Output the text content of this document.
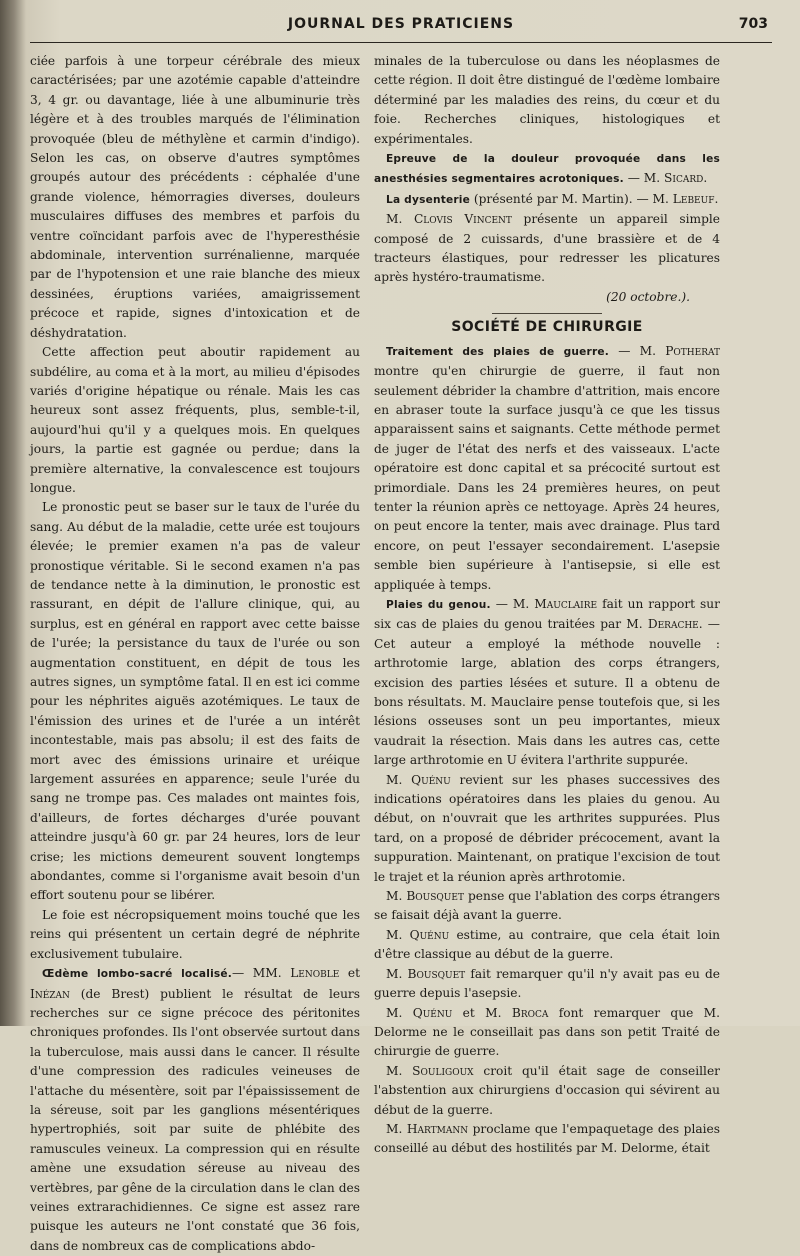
JOURNAL DES PRATICIENS	703

ciée parfois à une torpeur cérébrale des mieux caractérisées; par une azotémie capable d'atteindre 3, 4 gr. ou davantage, liée à une albuminurie très légère et à des troubles marqués de l'élimination provoquée (bleu de méthylène et carmin d'indigo). Selon les cas, on observe d'autres symptômes groupés autour des précédents : céphalée d'une grande violence, hémorragies diverses, douleurs musculaires diffuses des membres et parfois du ventre coïncidant parfois avec de l'hyperesthésie abdominale, intervention surrénalienne, marquée par de l'hypotension et une raie blanche des mieux dessinées, éruptions variées, amaigrissement précoce et rapide, signes d'intoxication et de déshydratation.

Cette affection peut aboutir rapidement au subdélire, au coma et à la mort, au milieu d'épisodes variés d'origine hépatique ou rénale. Mais les cas heureux sont assez fréquents, plus, semble-t-il, aujourd'hui qu'il y a quelques mois. En quelques jours, la partie est gagnée ou perdue; dans la première alternative, la convalescence est toujours longue.

Le pronostic peut se baser sur le taux de l'urée du sang. Au début de la maladie, cette urée est toujours élevée; le premier examen n'a pas de valeur pronostique véritable. Si le second examen n'a pas de tendance nette à la diminution, le pronostic est rassurant, en dépit de l'allure clinique, qui, au surplus, est en général en rapport avec cette baisse de l'urée; la persistance du taux de l'urée ou son augmentation constituent, en dépit de tous les autres signes, un symptôme fatal. Il en est ici comme pour les néphrites aiguës azotémiques. Le taux de l'émission des urines et de l'urée a un intérêt incontestable, mais pas absolu; il est des faits de mort avec des émissions urinaire et uréique largement assurées en apparence; seule l'urée du sang ne trompe pas. Ces malades ont maintes fois, d'ailleurs, de fortes décharges d'urée pouvant atteindre jusqu'à 60 gr. par 24 heures, lors de leur crise; les mictions demeurent souvent longtemps abondantes, comme si l'organisme avait besoin d'un effort soutenu pour se libérer.

Le foie est nécropsiquement moins touché que les reins qui présentent un certain degré de néphrite exclusivement tubulaire.

Œdème lombo-sacré localisé.— MM. Lenoble et Inézan (de Brest) publient le résultat de leurs recherches sur ce signe précoce des péritonites chroniques profondes. Ils l'ont observée surtout dans la tuberculose, mais aussi dans le cancer. Il résulte d'une compression des radicules veineuses de l'attache du mésentère, soit par l'épaississement de la séreuse, soit par les ganglions mésentériques hypertrophiés, soit par suite de phlébite des ramuscules veineux. La compression qui en résulte amène une exsudation séreuse au niveau des vertèbres, par gêne de la circulation dans le clan des veines extrarachidiennes. Ce signe est assez rare puisque les auteurs ne l'ont constaté que 36 fois, dans de nombreux cas de complications abdo-

minales de la tuberculose ou dans les néoplasmes de cette région. Il doit être distingué de l'œdème lombaire déterminé par les maladies des reins, du cœur et du foie. Recherches cliniques, histologiques et expérimentales.

Epreuve de la douleur provoquée dans les anesthésies segmentaires acrotoniques. — M. Sicard.

La dysenterie (présenté par M. Martin). — M. Lebeuf.

M. Clovis Vincent présente un appareil simple composé de 2 cuissards, d'une brassière et de 4 tracteurs élastiques, pour redresser les plicatures après hystéro-traumatisme.

(20 octobre.).
SOCIÉTÉ DE CHIRURGIE

Traitement des plaies de guerre. — M. Potherat montre qu'en chirurgie de guerre, il faut non seulement débrider la chambre d'attrition, mais encore en abraser toute la surface jusqu'à ce que les tissus apparaissent sains et saignants. Cette méthode permet de juger de l'état des nerfs et des vaisseaux. L'acte opératoire est donc capital et sa précocité surtout est primordiale. Dans les 24 premières heures, on peut tenter la réunion après ce nettoyage. Après 24 heures, on peut encore la tenter, mais avec drainage. Plus tard encore, on peut l'essayer secondairement. L'asepsie semble bien supérieure à l'antisepsie, si elle est appliquée à temps.

Plaies du genou. — M. Mauclaire fait un rapport sur six cas de plaies du genou traitées par M. Derache. — Cet auteur a employé la méthode nouvelle : arthrotomie large, ablation des corps étrangers, excision des parties lésées et suture. Il a obtenu de bons résultats. M. Mauclaire pense toutefois que, si les lésions osseuses sont un peu importantes, mieux vaudrait la résection. Mais dans les autres cas, cette large arthrotomie en U évitera l'arthrite suppurée.

M. Quénu revient sur les phases successives des indications opératoires dans les plaies du genou. Au début, on n'ouvrait que les arthrites suppurées. Plus tard, on a proposé de débrider précocement, avant la suppuration. Maintenant, on pratique l'excision de tout le trajet et la réunion après arthrotomie.

M. Bousquet pense que l'ablation des corps étrangers se faisait déjà avant la guerre.

M. Quénu estime, au contraire, que cela était loin d'être classique au début de la guerre.

M. Bousquet fait remarquer qu'il n'y avait pas eu de guerre depuis l'asepsie.

M. Quénu et M. Broca font remarquer que M. Delorme ne le conseillait pas dans son petit Traité de chirurgie de guerre.

M. Souligoux croit qu'il était sage de conseiller l'abstention aux chirurgiens d'occasion qui sévirent au début de la guerre.

M. Hartmann proclame que l'empaquetage des plaies conseillé au début des hostilités par M. Delorme, était
